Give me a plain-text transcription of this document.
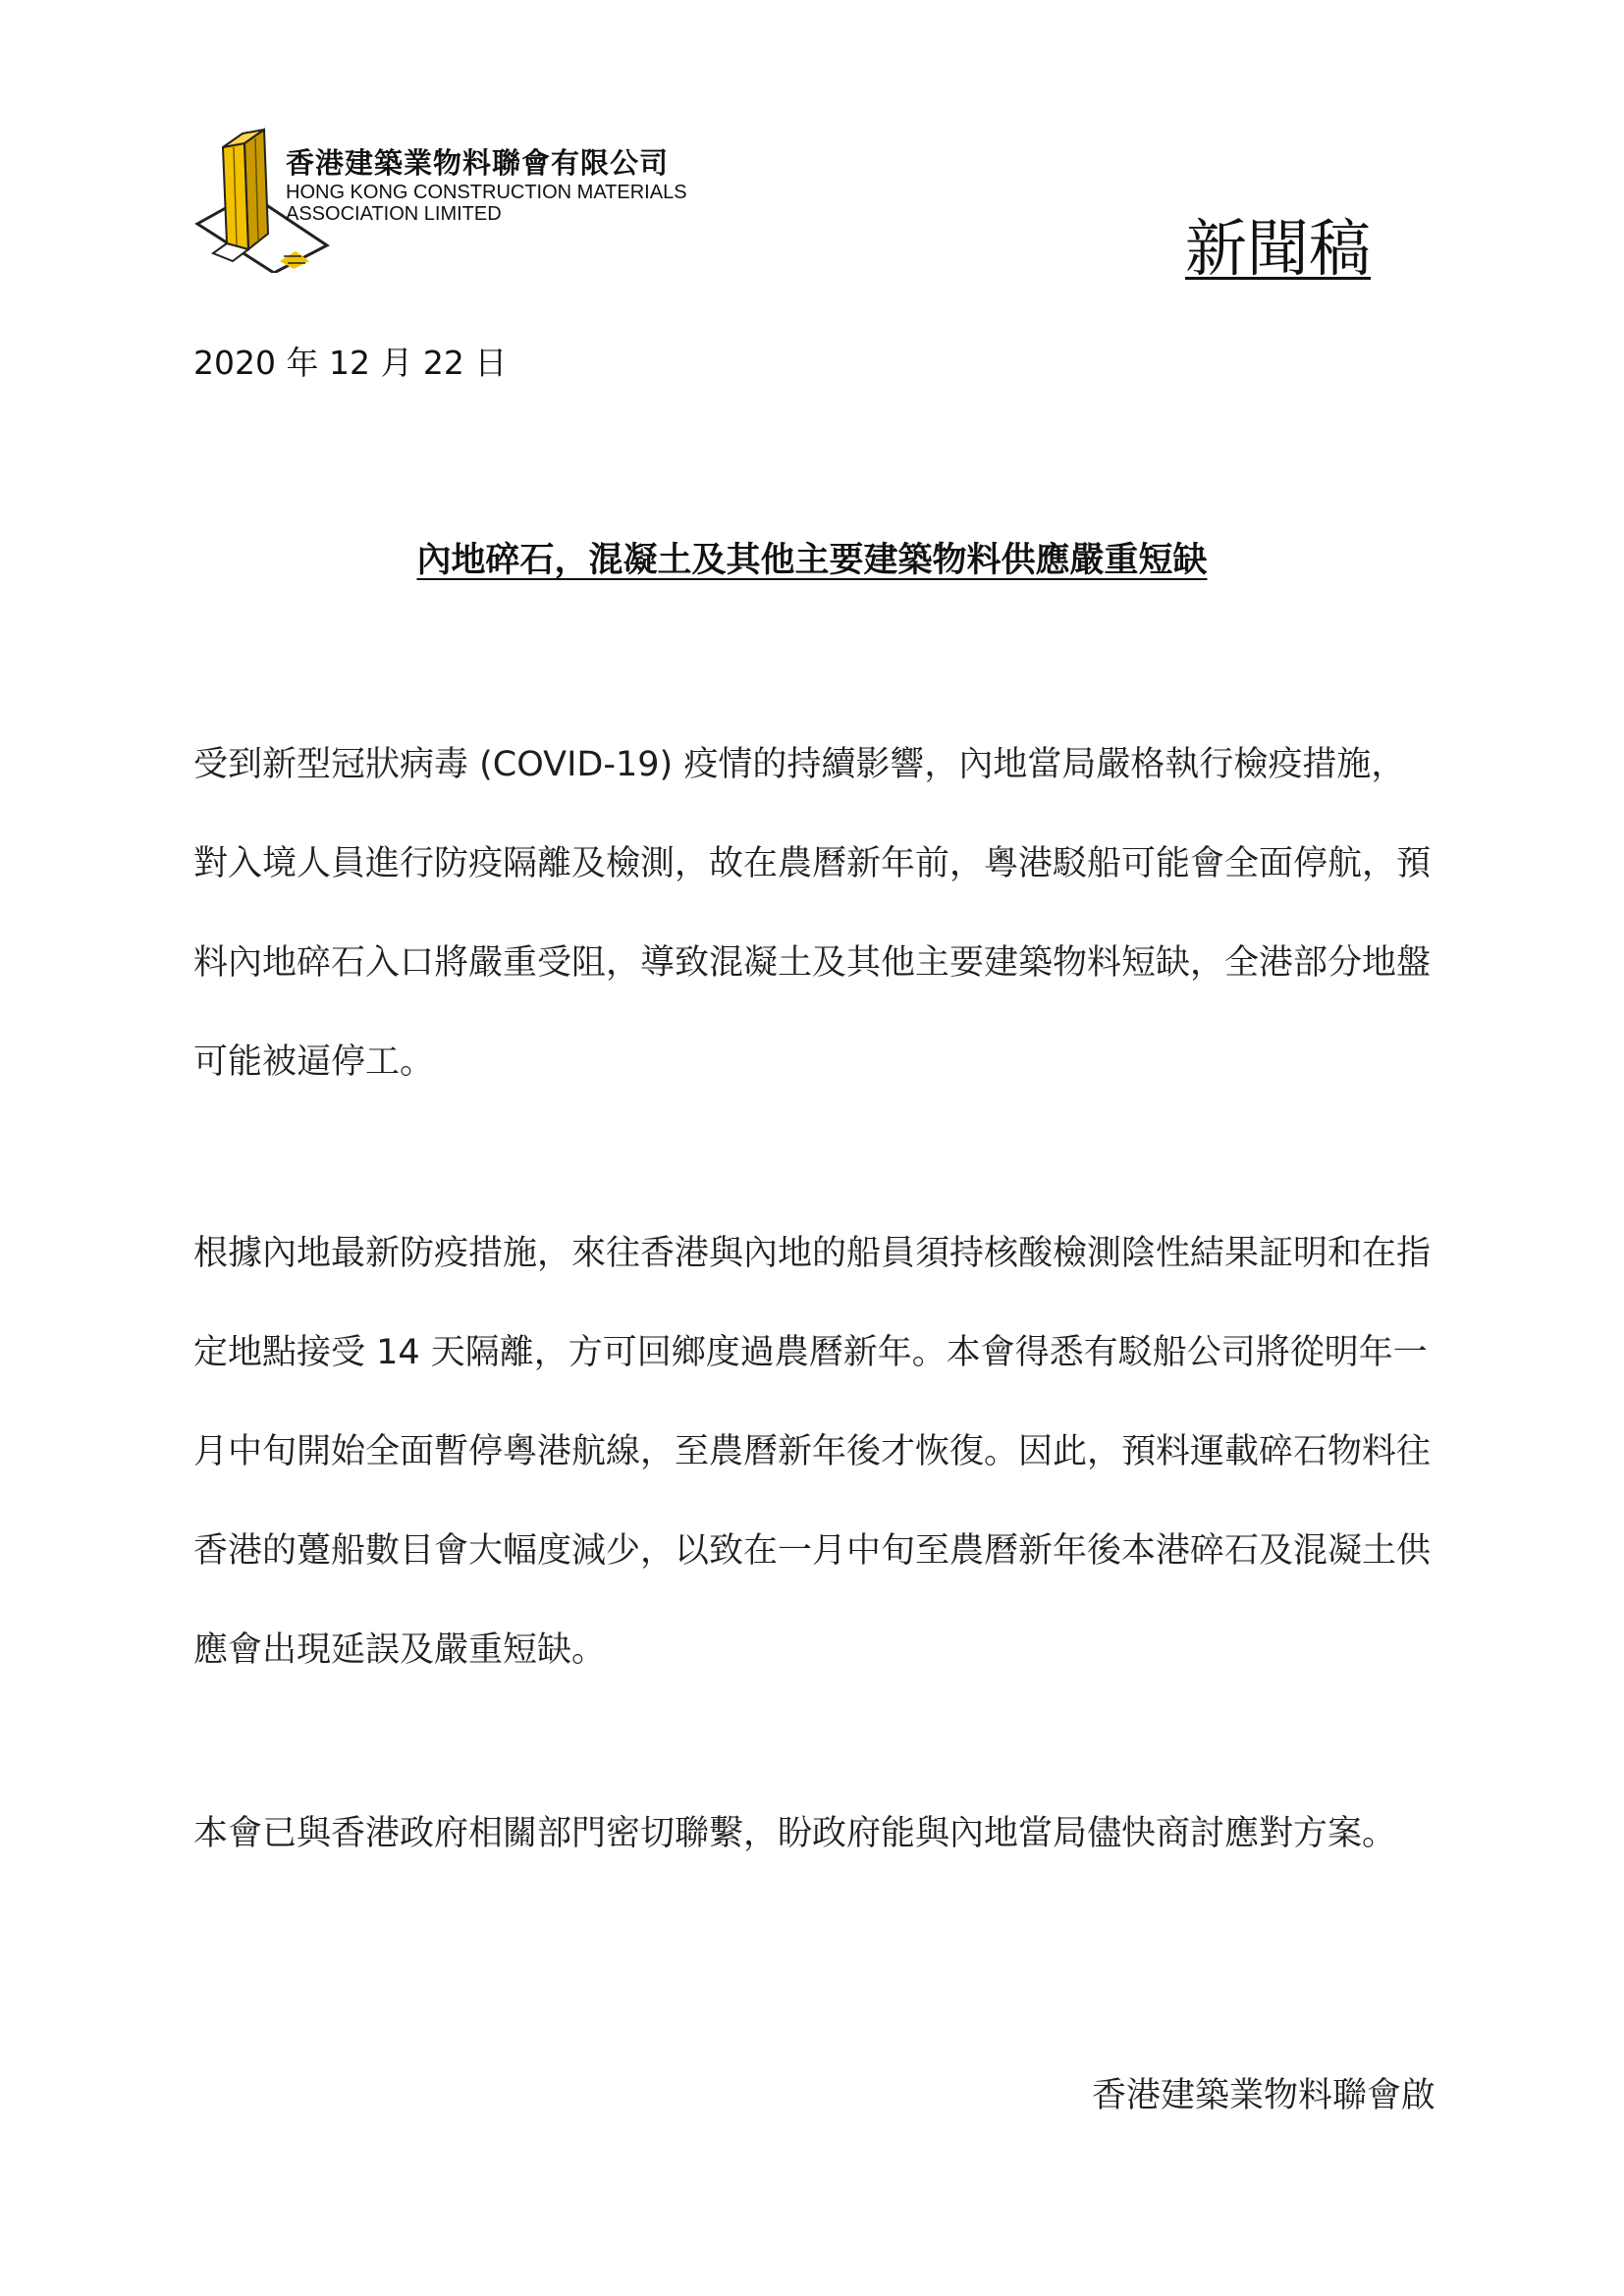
香港建築業物料聯會有限公司
HONG KONG CONSTRUCTION MATERIALS
ASSOCIATION LIMITED	新聞稿
2020 年 12 月 22 日
內地碎石，混凝土及其他主要建築物料供應嚴重短缺

受到新型冠狀病毒 (COVID-19) 疫情的持續影響，內地當局嚴格執行檢疫措施，對入境人員進行防疫隔離及檢測，故在農曆新年前，粵港駁船可能會全面停航，預料內地碎石入口將嚴重受阻，導致混凝土及其他主要建築物料短缺，全港部分地盤可能被逼停工。

根據內地最新防疫措施，來往香港與內地的船員須持核酸檢測陰性結果証明和在指定地點接受 14 天隔離，方可回鄉度過農曆新年。本會得悉有駁船公司將從明年一月中旬開始全面暫停粵港航線，至農曆新年後才恢復。因此，預料運載碎石物料往香港的躉船數目會大幅度減少，以致在一月中旬至農曆新年後本港碎石及混凝土供應會出現延誤及嚴重短缺。

本會已與香港政府相關部門密切聯繫，盼政府能與內地當局儘快商討應對方案。

香港建築業物料聯會啟
